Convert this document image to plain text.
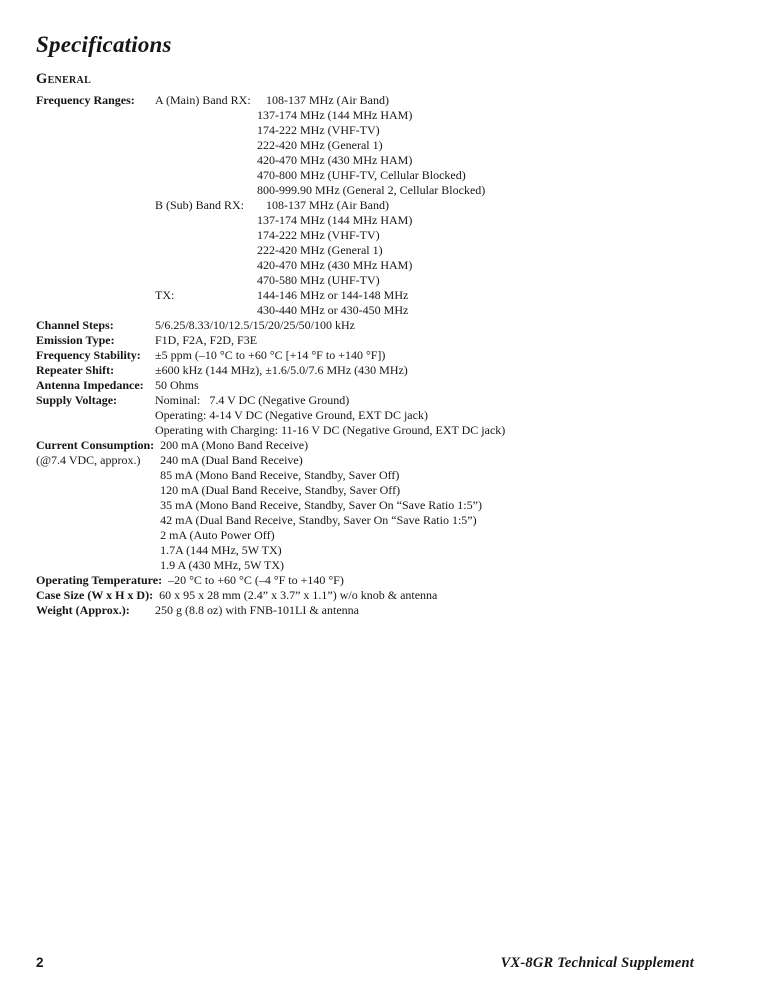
Specifications
General
Frequency Ranges:	A (Main) Band RX:	108-137 MHz (Air Band)
137-174 MHz (144 MHz HAM)
174-222 MHz (VHF-TV)
222-420 MHz (General 1)
420-470 MHz (430 MHz HAM)
470-800 MHz (UHF-TV, Cellular Blocked)
800-999.90 MHz (General 2, Cellular Blocked)
B (Sub) Band RX:	108-137 MHz (Air Band)
137-174 MHz (144 MHz HAM)
174-222 MHz (VHF-TV)
222-420 MHz (General 1)
420-470 MHz (430 MHz HAM)
470-580 MHz (UHF-TV)
TX:	144-146 MHz or 144-148 MHz
430-440 MHz or 430-450 MHz
Channel Steps:	5/6.25/8.33/10/12.5/15/20/25/50/100 kHz
Emission Type:	F1D, F2A, F2D, F3E
Frequency Stability:	±5 ppm (–10 °C to +60 °C [+14 °F to +140 °F])
Repeater Shift:	±600 kHz (144 MHz), ±1.6/5.0/7.6 MHz (430 MHz)
Antenna Impedance: 50 Ohms
Supply Voltage:	Nominal:   7.4 V DC (Negative Ground)
Operating: 4-14 V DC (Negative Ground, EXT DC jack)
Operating with Charging: 11-16 V DC (Negative Ground, EXT DC jack)
Current Consumption:
(@7.4 VDC, approx.)
200 mA (Mono Band Receive)
240 mA (Dual Band Receive)
85 mA (Mono Band Receive, Standby, Saver Off)
120 mA (Dual Band Receive, Standby, Saver Off)
35 mA (Mono Band Receive, Standby, Saver On “Save Ratio 1:5”)
42 mA (Dual Band Receive, Standby, Saver On “Save Ratio 1:5”)
2 mA (Auto Power Off)
1.7A (144 MHz, 5W TX)
1.9 A (430 MHz, 5W TX)
Operating Temperature: –20 °C to +60 °C (–4 °F to +140 °F)
Case Size (W x H x D): 60 x 95 x 28 mm (2.4” x 3.7” x 1.1”) w/o knob & antenna
Weight (Approx.):	250 g (8.8 oz) with FNB-101LI & antenna
2	VX-8GR Technical Supplement
